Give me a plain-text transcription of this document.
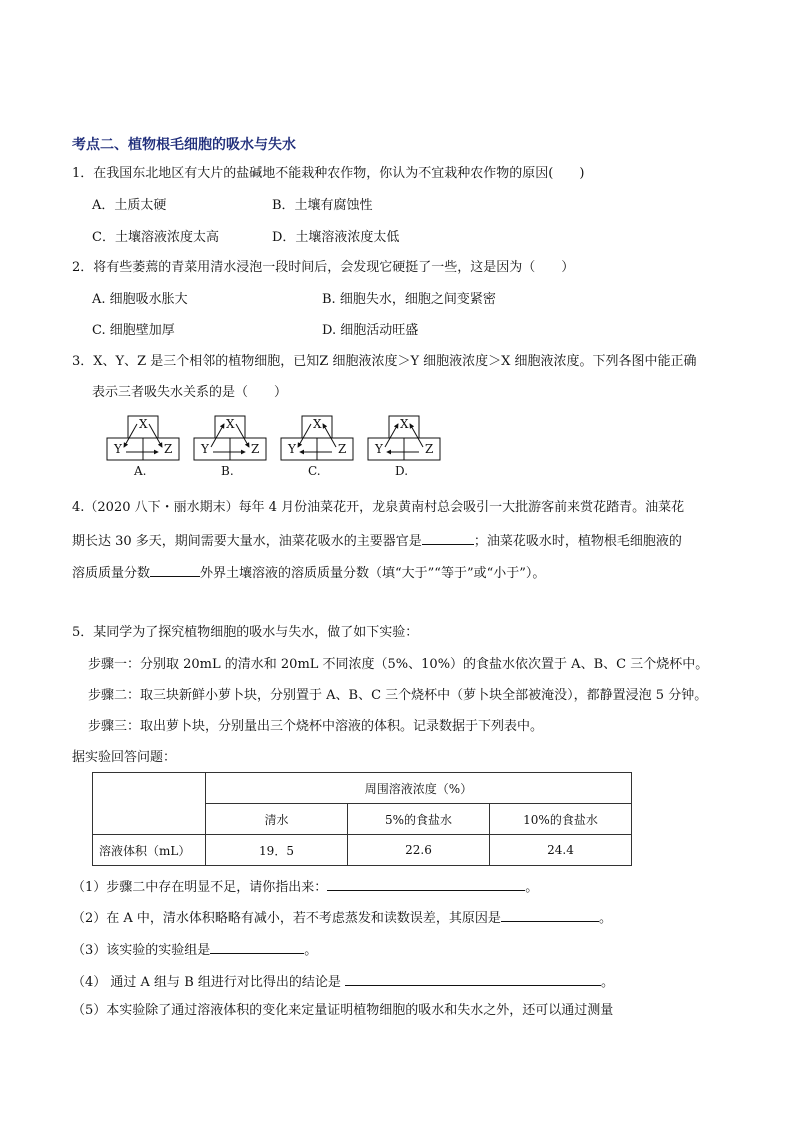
考点二、植物根毛细胞的吸水与失水
1．在我国东北地区有大片的盐碱地不能栽种农作物，你认为不宜栽种农作物的原因(　　)
A．土质太硬	B．土壤有腐蚀性
C．土壤溶液浓度太高	D．土壤溶液浓度太低
2．将有些萎蔫的青菜用清水浸泡一段时间后，会发现它硬挺了一些，这是因为（　　）
A. 细胞吸水胀大	B. 细胞失水，细胞之间变紧密
C. 细胞壁加厚	D. 细胞活动旺盛
3．X、Y、Z 是三个相邻的植物细胞，已知Z 细胞液浓度＞Y 细胞液浓度＞X 细胞液浓度。下列各图中能正确
表示三者吸失水关系的是（　　）
X
Y	Z
A.
X
Y	Z
B.
X
Y	Z
C.
X
Y	Z
D.
4.（2020 八下・丽水期末）每年 4 月份油菜花开，龙泉黄南村总会吸引一大批游客前来赏花踏青。油菜花
期长达 30 多天，期间需要大量水，油菜花吸水的主要器官是	；油菜花吸水时，植物根毛细胞液的
溶质质量分数	外界土壤溶液的溶质质量分数（填“大于”“等于”或“小于”）。
5．某同学为了探究植物细胞的吸水与失水，做了如下实验：
步骤一：分别取 20mL 的清水和 20mL 不同浓度（5%、10%）的食盐水依次置于 A、B、C 三个烧杯中。
步骤二：取三块新鲜小萝卜块，分别置于 A、B、C 三个烧杯中（萝卜块全部被淹没），都静置浸泡 5 分钟。
步骤三：取出萝卜块，分别量出三个烧杯中溶液的体积。记录数据于下列表中。
据实验回答问题：
	周围溶液浓度（%）		
	清水	5%的食盐水	10%的食盐水
溶液体积（mL）	19．5	22.6	24.4
（1）步骤二中存在明显不足，请你指出来：	。
（2）在 A 中，清水体积略略有减小，若不考虑蒸发和读数误差，其原因是	。
（3）该实验的实验组是	。
（4） 通过 A 组与 B 组进行对比得出的结论是	。
（5）本实验除了通过溶液体积的变化来定量证明植物细胞的吸水和失水之外，还可以通过测量
